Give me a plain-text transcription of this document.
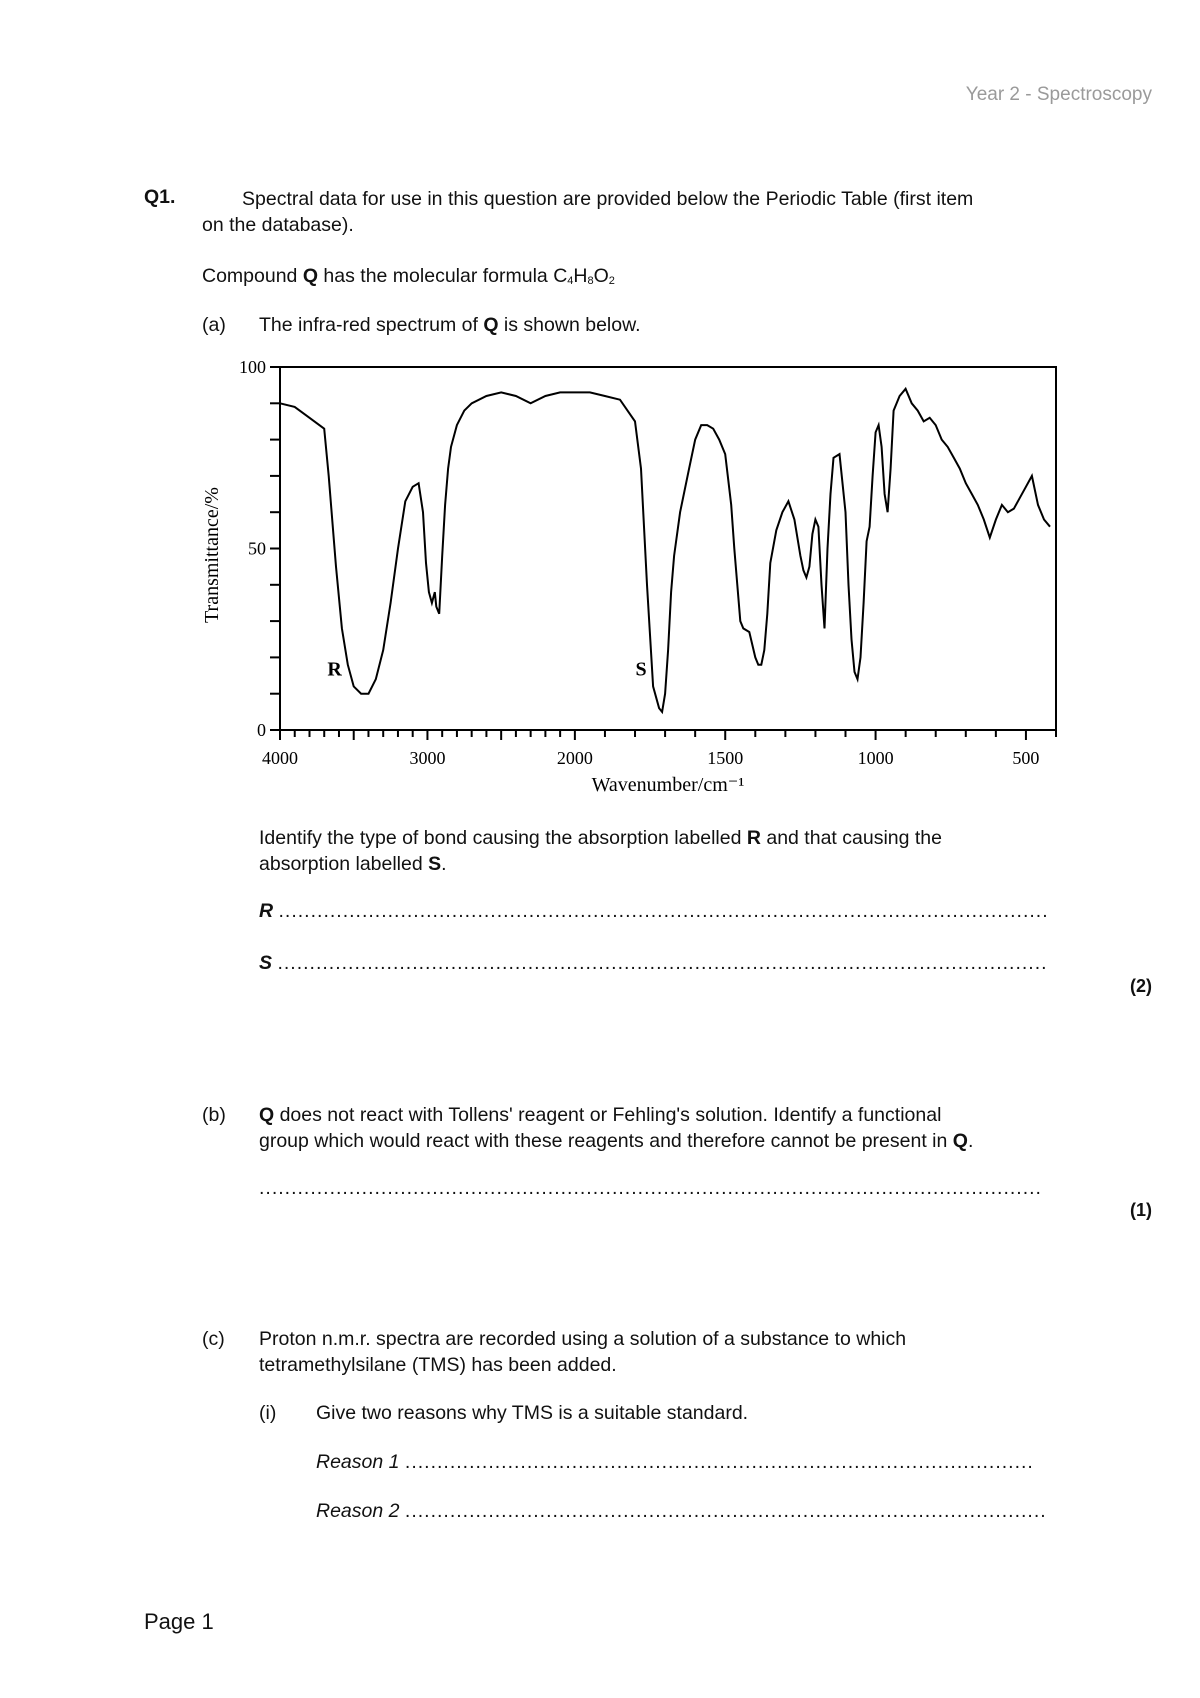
Year 2 - Spectroscopy
Q1.	Spectral data for use in this question are provided below the Periodic Table (first item
on the database).
Compound Q has the molecular formula $C_4H_8O_2$
(a) The infra-red spectrum of Q is shown below.
4000	3000	2000	1500	1000	500
0
50
100
R	S
Wavenumber/cm⁻¹
Transmittance/%
Identify the type of bond causing the absorption labelled R and that causing the
absorption labelled S.
R ........................................................................................................................
S ........................................................................................................................
(2)
(b) Q does not react with Tollens' reagent or Fehling's solution. Identify a functional
group which would react with these reagents and therefore cannot be present in Q.
..........................................................................................................................
(1)
(c) Proton n.m.r. spectra are recorded using a solution of a substance to which
tetramethylsilane (TMS) has been added.
(i) Give two reasons why TMS is a suitable standard.
Reason 1 ..................................................................................................
Reason 2 ....................................................................................................
Page 1
